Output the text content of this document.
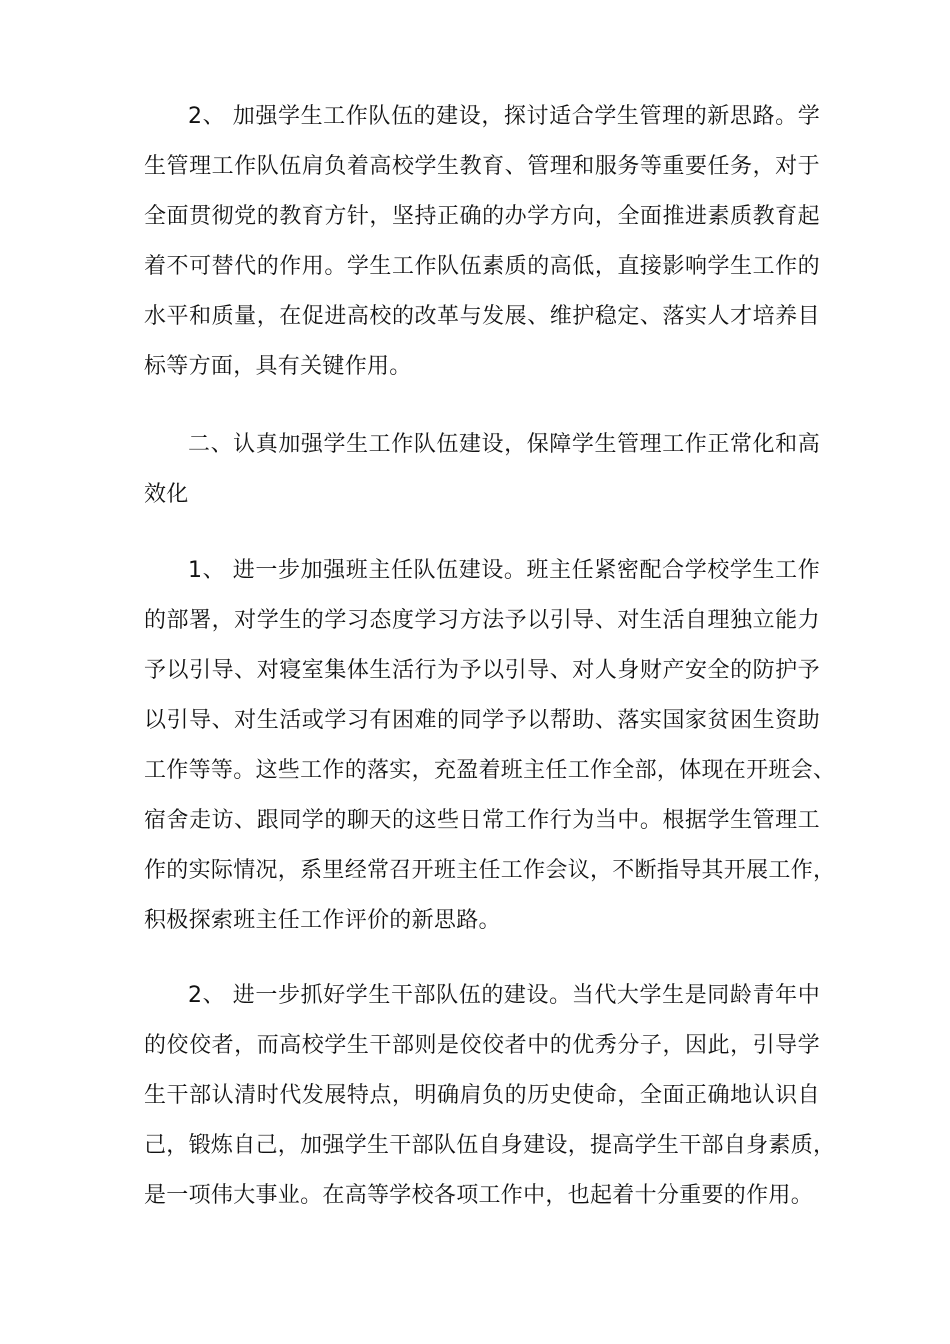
2、 加强学生工作队伍的建设，探讨适合学生管理的新思路。学
生管理工作队伍肩负着高校学生教育、管理和服务等重要任务，对于
全面贯彻党的教育方针，坚持正确的办学方向，全面推进素质教育起
着不可替代的作用。学生工作队伍素质的高低，直接影响学生工作的
水平和质量，在促进高校的改革与发展、维护稳定、落实人才培养目
标等方面，具有关键作用。

二、认真加强学生工作队伍建设，保障学生管理工作正常化和高
效化

1、 进一步加强班主任队伍建设。班主任紧密配合学校学生工作
的部署，对学生的学习态度学习方法予以引导、对生活自理独立能力
予以引导、对寝室集体生活行为予以引导、对人身财产安全的防护予
以引导、对生活或学习有困难的同学予以帮助、落实国家贫困生资助
工作等等。这些工作的落实，充盈着班主任工作全部，体现在开班会、
宿舍走访、跟同学的聊天的这些日常工作行为当中。根据学生管理工
作的实际情况，系里经常召开班主任工作会议，不断指导其开展工作，
积极探索班主任工作评价的新思路。

2、 进一步抓好学生干部队伍的建设。当代大学生是同龄青年中
的佼佼者，而高校学生干部则是佼佼者中的优秀分子，因此，引导学
生干部认清时代发展特点，明确肩负的历史使命，全面正确地认识自
己，锻炼自己，加强学生干部队伍自身建设，提高学生干部自身素质，
是一项伟大事业。在高等学校各项工作中，也起着十分重要的作用。
